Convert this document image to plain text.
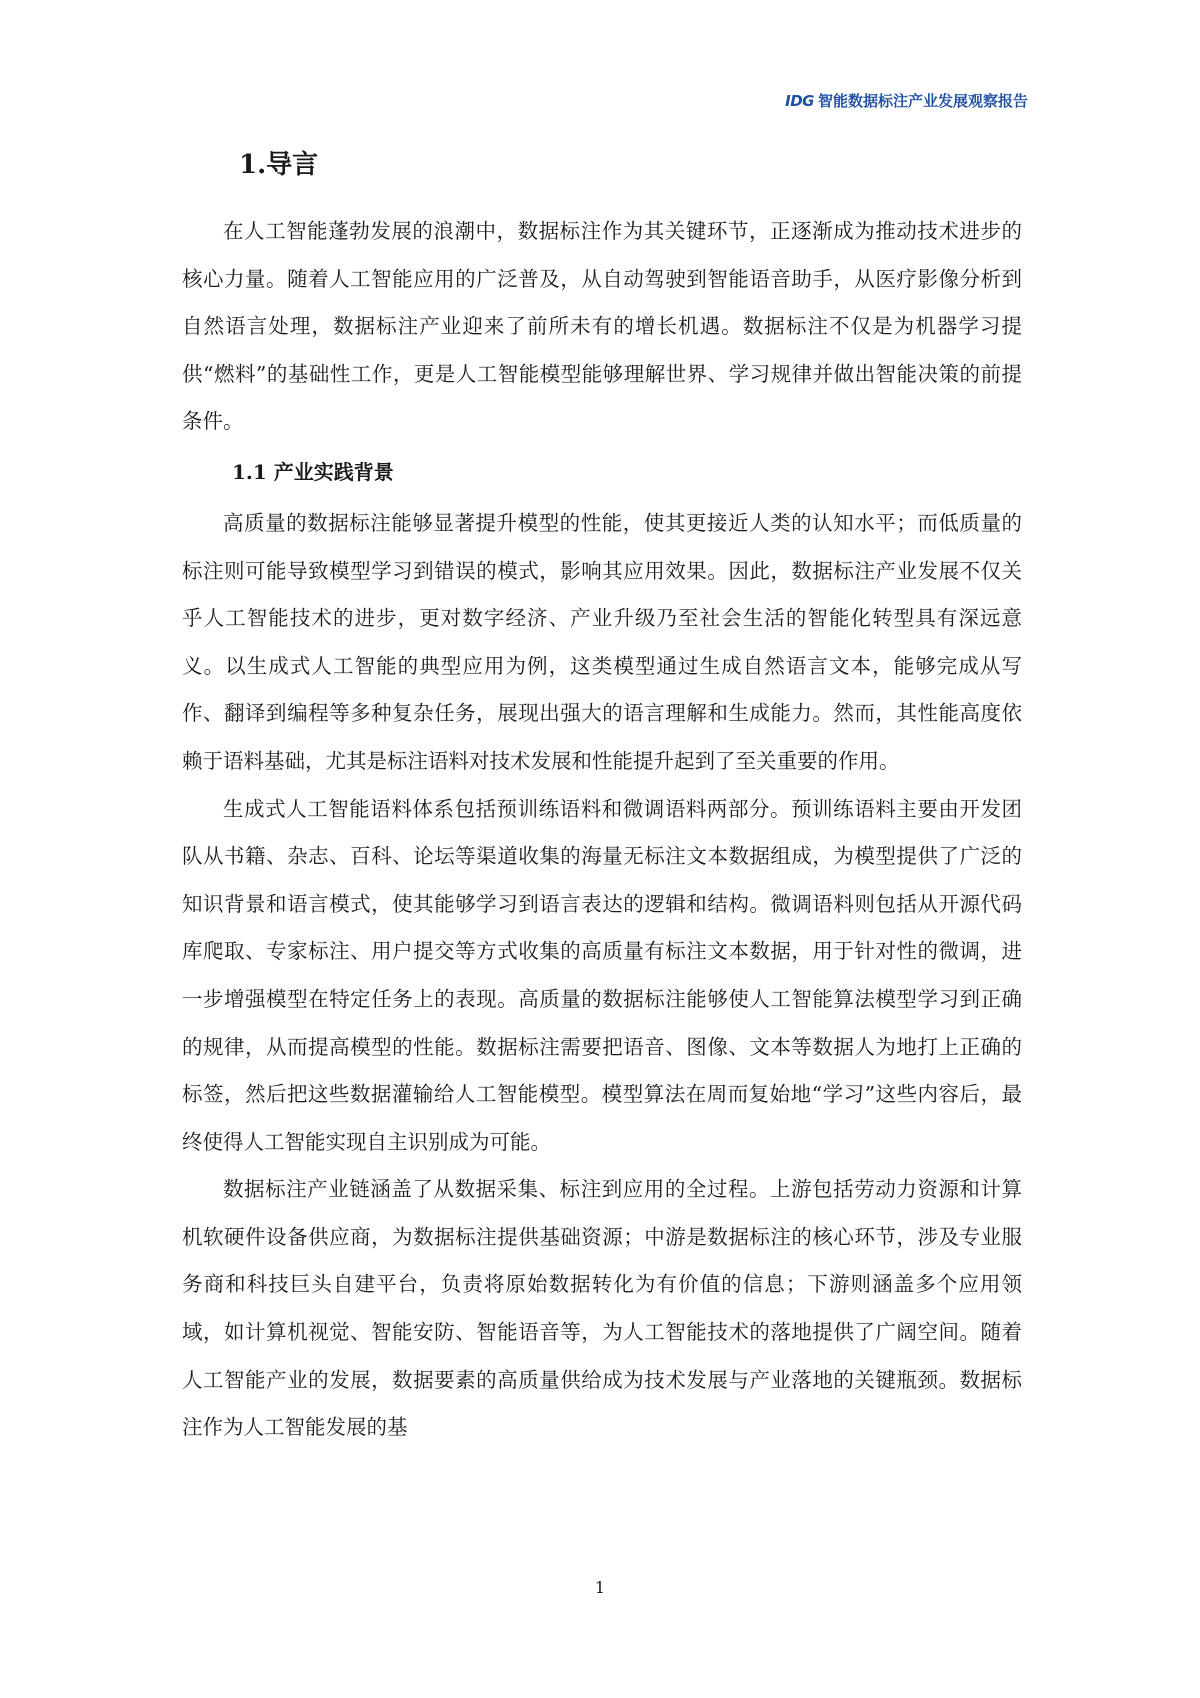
IDG 智能数据标注产业发展观察报告
1.导言

在人工智能蓬勃发展的浪潮中，数据标注作为其关键环节，正逐渐成为推动技术进步的核心力量。随着人工智能应用的广泛普及，从自动驾驶到智能语音助手，从医疗影像分析到自然语言处理，数据标注产业迎来了前所未有的增长机遇。数据标注不仅是为机器学习提供“燃料”的基础性工作，更是人工智能模型能够理解世界、学习规律并做出智能决策的前提条件。

1.1 产业实践背景

高质量的数据标注能够显著提升模型的性能，使其更接近人类的认知水平；而低质量的标注则可能导致模型学习到错误的模式，影响其应用效果。因此，数据标注产业发展不仅关乎人工智能技术的进步，更对数字经济、产业升级乃至社会生活的智能化转型具有深远意义。以生成式人工智能的典型应用为例，这类模型通过生成自然语言文本，能够完成从写作、翻译到编程等多种复杂任务，展现出强大的语言理解和生成能力。然而，其性能高度依赖于语料基础，尤其是标注语料对技术发展和性能提升起到了至关重要的作用。

生成式人工智能语料体系包括预训练语料和微调语料两部分。预训练语料主要由开发团队从书籍、杂志、百科、论坛等渠道收集的海量无标注文本数据组成，为模型提供了广泛的知识背景和语言模式，使其能够学习到语言表达的逻辑和结构。微调语料则包括从开源代码库爬取、专家标注、用户提交等方式收集的高质量有标注文本数据，用于针对性的微调，进一步增强模型在特定任务上的表现。高质量的数据标注能够使人工智能算法模型学习到正确的规律，从而提高模型的性能。数据标注需要把语音、图像、文本等数据人为地打上正确的标签，然后把这些数据灌输给人工智能模型。模型算法在周而复始地“学习”这些内容后，最终使得人工智能实现自主识别成为可能。

数据标注产业链涵盖了从数据采集、标注到应用的全过程。上游包括劳动力资源和计算机软硬件设备供应商，为数据标注提供基础资源；中游是数据标注的核心环节，涉及专业服务商和科技巨头自建平台，负责将原始数据转化为有价值的信息；下游则涵盖多个应用领域，如计算机视觉、智能安防、智能语音等，为人工智能技术的落地提供了广阔空间。随着人工智能产业的发展，数据要素的高质量供给成为技术发展与产业落地的关键瓶颈。数据标注作为人工智能发展的基

1
